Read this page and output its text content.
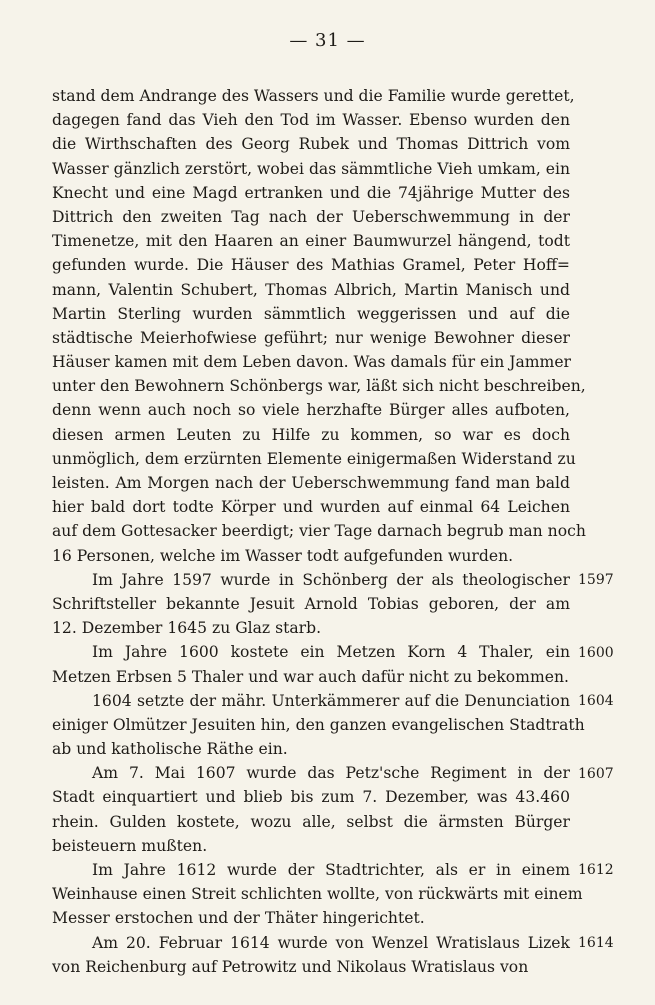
— 31 —
stand dem Andrange des Wassers und die Familie wurde gerettet,
dagegen fand das Vieh den Tod im Wasser. Ebenso wurden den
die Wirthschaften des Georg Rubek und Thomas Dittrich vom
Wasser gänzlich zerstört, wobei das sämmtliche Vieh umkam, ein
Knecht und eine Magd ertranken und die 74jährige Mutter des
Dittrich den zweiten Tag nach der Ueberschwemmung in der
Timenetze, mit den Haaren an einer Baumwurzel hängend, todt
gefunden wurde. Die Häuser des Mathias Gramel, Peter Hoff=
mann, Valentin Schubert, Thomas Albrich, Martin Manisch und
Martin Sterling wurden sämmtlich weggerissen und auf die
städtische Meierhofwiese geführt; nur wenige Bewohner dieser
Häuser kamen mit dem Leben davon. Was damals für ein Jammer
unter den Bewohnern Schönbergs war, läßt sich nicht beschreiben,
denn wenn auch noch so viele herzhafte Bürger alles aufboten,
diesen armen Leuten zu Hilfe zu kommen, so war es doch
unmöglich, dem erzürnten Elemente einigermaßen Widerstand zu
leisten. Am Morgen nach der Ueberschwemmung fand man bald
hier bald dort todte Körper und wurden auf einmal 64 Leichen
auf dem Gottesacker beerdigt; vier Tage darnach begrub man noch
16 Personen, welche im Wasser todt aufgefunden wurden.
Im Jahre 1597 wurde in Schönberg der als theologischer
Schriftsteller bekannte Jesuit Arnold Tobias geboren, der am
12. Dezember 1645 zu Glaz starb.
Im Jahre 1600 kostete ein Metzen Korn 4 Thaler, ein
Metzen Erbsen 5 Thaler und war auch dafür nicht zu bekommen.
1604 setzte der mähr. Unterkämmerer auf die Denunciation
einiger Olmützer Jesuiten hin, den ganzen evangelischen Stadtrath
ab und katholische Räthe ein.
Am 7. Mai 1607 wurde das Petz'sche Regiment in der
Stadt einquartiert und blieb bis zum 7. Dezember, was 43.460
rhein. Gulden kostete, wozu alle, selbst die ärmsten Bürger
beisteuern mußten.
Im Jahre 1612 wurde der Stadtrichter, als er in einem
Weinhause einen Streit schlichten wollte, von rückwärts mit einem
Messer erstochen und der Thäter hingerichtet.
Am 20. Februar 1614 wurde von Wenzel Wratislaus Lizek
von Reichenburg auf Petrowitz und Nikolaus Wratislaus von
1597
1600
1604
1607
1612
1614
